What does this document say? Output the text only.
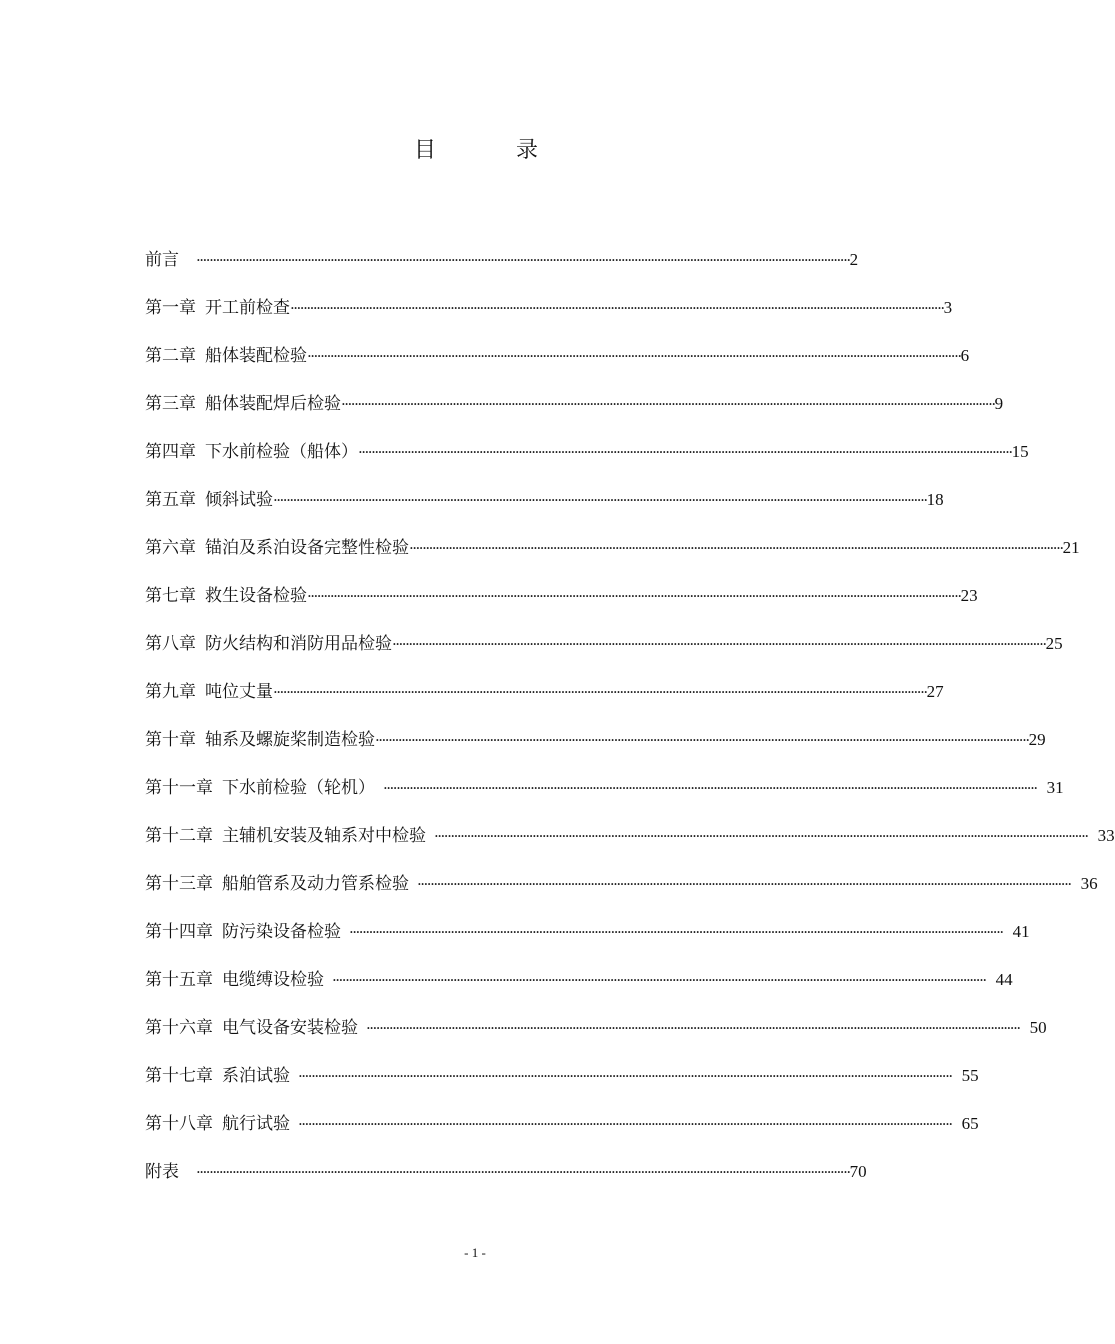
目	录
前言	········································································································································································································ 2
第一章 开工前检查 ········································································································································································································ 3
第二章 船体装配检验 ········································································································································································································ 6
第三章 船体装配焊后检验 ········································································································································································································ 9
第四章 下水前检验（船体） ········································································································································································································ 15
第五章 倾斜试验 ········································································································································································································ 18
第六章 锚泊及系泊设备完整性检验 ········································································································································································································ 21
第七章 救生设备检验 ········································································································································································································ 23
第八章 防火结构和消防用品检验 ········································································································································································································ 25
第九章 吨位丈量 ········································································································································································································ 27
第十章 轴系及螺旋桨制造检验 ········································································································································································································ 29
第十一章 下水前检验（轮机） ········································································································································································································ 31
第十二章 主辅机安装及轴系对中检验 ········································································································································································································ 33
第十三章 船舶管系及动力管系检验 ········································································································································································································ 36
第十四章 防污染设备检验 ········································································································································································································ 41
第十五章 电缆缚设检验 ········································································································································································································ 44
第十六章 电气设备安装检验 ········································································································································································································ 50
第十七章 系泊试验 ········································································································································································································ 55
第十八章 航行试验 ········································································································································································································ 65
附表	········································································································································································································ 70
- 1 -
